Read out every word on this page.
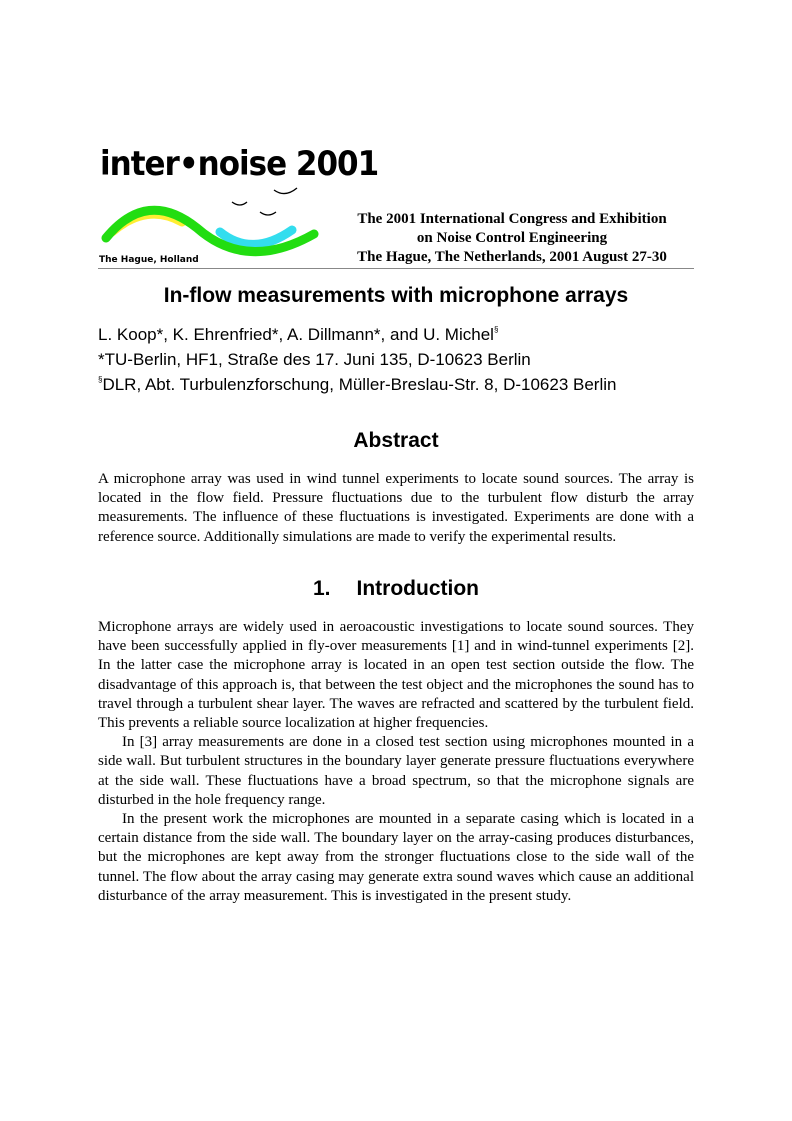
inter•noise 2001
The Hague, Holland
The 2001 International Congress and Exhibition
on Noise Control Engineering
The Hague, The Netherlands, 2001 August 27-30
In-flow measurements with microphone arrays
L. Koop*, K. Ehrenfried*, A. Dillmann*, and U. Michel§
*TU-Berlin, HF1, Straße des 17. Juni 135, D-10623 Berlin
§DLR, Abt. Turbulenzforschung, Müller-Breslau-Str. 8, D-10623 Berlin
Abstract

A microphone array was used in wind tunnel experiments to locate sound sources. The array is located in the flow field. Pressure fluctuations due to the turbulent flow disturb the array measurements. The influence of these fluctuations is investigated. Experiments are done with a reference source. Additionally simulations are made to verify the experimental results.

1. Introduction

Microphone arrays are widely used in aeroacoustic investigations to locate sound sources. They have been successfully applied in fly-over measurements [1] and in wind-tunnel experiments [2]. In the latter case the microphone array is located in an open test section outside the flow. The disadvantage of this approach is, that between the test object and the microphones the sound has to travel through a turbulent shear layer. The waves are refracted and scattered by the turbulent field. This prevents a reliable source localization at higher frequencies.

In [3] array measurements are done in a closed test section using microphones mounted in a side wall. But turbulent structures in the boundary layer generate pressure fluctuations everywhere at the side wall. These fluctuations have a broad spectrum, so that the microphone signals are disturbed in the hole frequency range.

In the present work the microphones are mounted in a separate casing which is located in a certain distance from the side wall. The boundary layer on the array-casing produces disturbances, but the microphones are kept away from the stronger fluctuations close to the side wall of the tunnel. The flow about the array casing may generate extra sound waves which cause an additional disturbance of the array measurement. This is investigated in the present study.
